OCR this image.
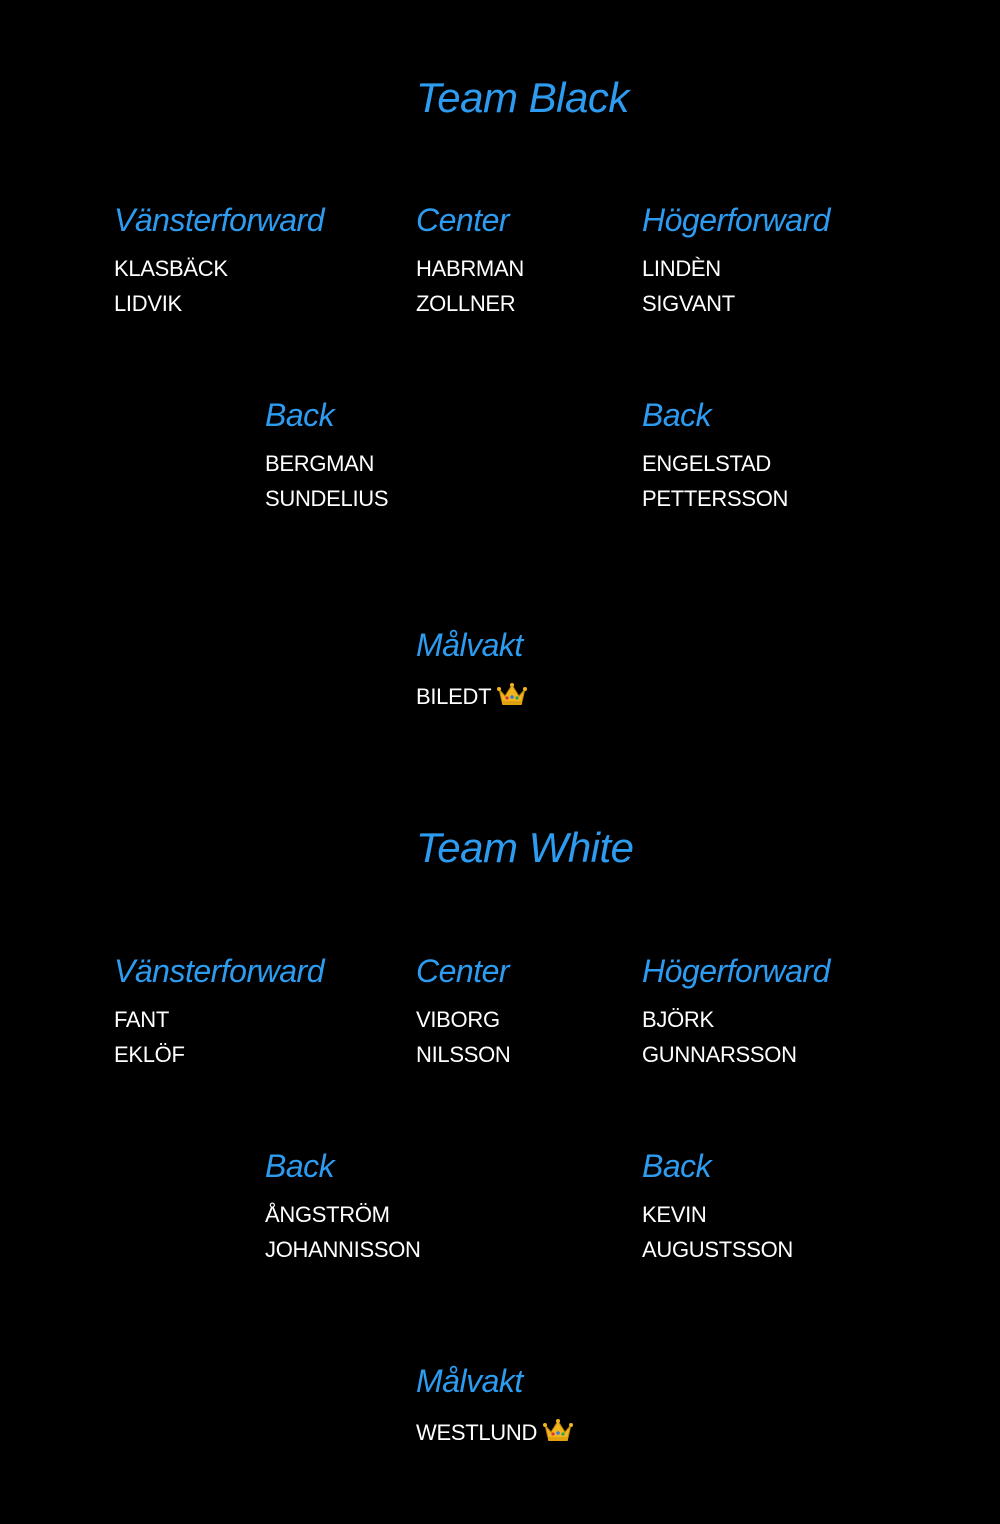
Team Black
Vänsterforward
KLASBÄCK
LIDVIK
Center
HABRMAN
ZOLLNER
Högerforward
LINDÈN
SIGVANT
Back
BERGMAN
SUNDELIUS
Back
ENGELSTAD
PETTERSSON
Målvakt
BILEDT
Team White
Vänsterforward
FANT
EKLÖF
Center
VIBORG
NILSSON
Högerforward
BJÖRK
GUNNARSSON
Back
ÅNGSTRÖM
JOHANNISSON
Back
KEVIN
AUGUSTSSON
Målvakt
WESTLUND
